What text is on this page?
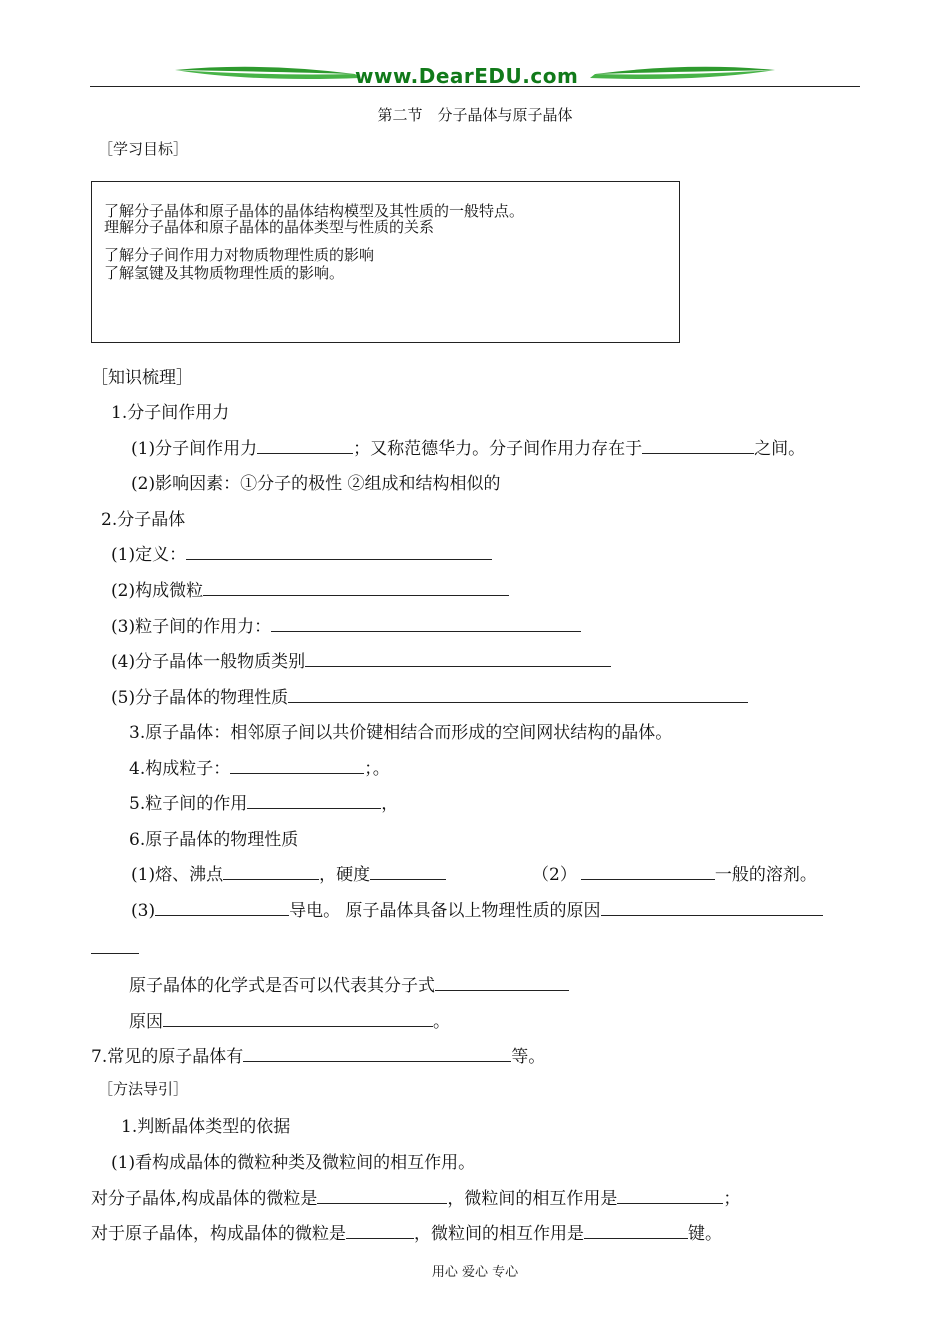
www.DearEDU.com
第二节　分子晶体与原子晶体
［学习目标］
了解分子晶体和原子晶体的晶体结构模型及其性质的一般特点。
理解分子晶体和原子晶体的晶体类型与性质的关系
了解分子间作用力对物质物理性质的影响
了解氢键及其物质物理性质的影响。
［知识梳理］
1.分子间作用力
(1)分子间作用力	；又称范德华力。分子间作用力存在于	之间。
(2)影响因素：①分子的极性 ②组成和结构相似的
2.分子晶体
(1)定义：
(2)构成微粒
(3)粒子间的作用力：
(4)分子晶体一般物质类别
(5)分子晶体的物理性质
3.原子晶体：相邻原子间以共价键相结合而形成的空间网状结构的晶体。
4.构成粒子：	；。
5.粒子间的作用	，
6.原子晶体的物理性质
(1)熔、沸点	，硬度	（2）	一般的溶剂。
(3)	导电。 原子晶体具备以上物理性质的原因
原子晶体的化学式是否可以代表其分子式
原因	。
7.常见的原子晶体有	等。
［方法导引］
1.判断晶体类型的依据
(1)看构成晶体的微粒种类及微粒间的相互作用。
对分子晶体,构成晶体的微粒是	，微粒间的相互作用是	；
对于原子晶体，构成晶体的微粒是	，微粒间的相互作用是	键。
用心 爱心 专心
